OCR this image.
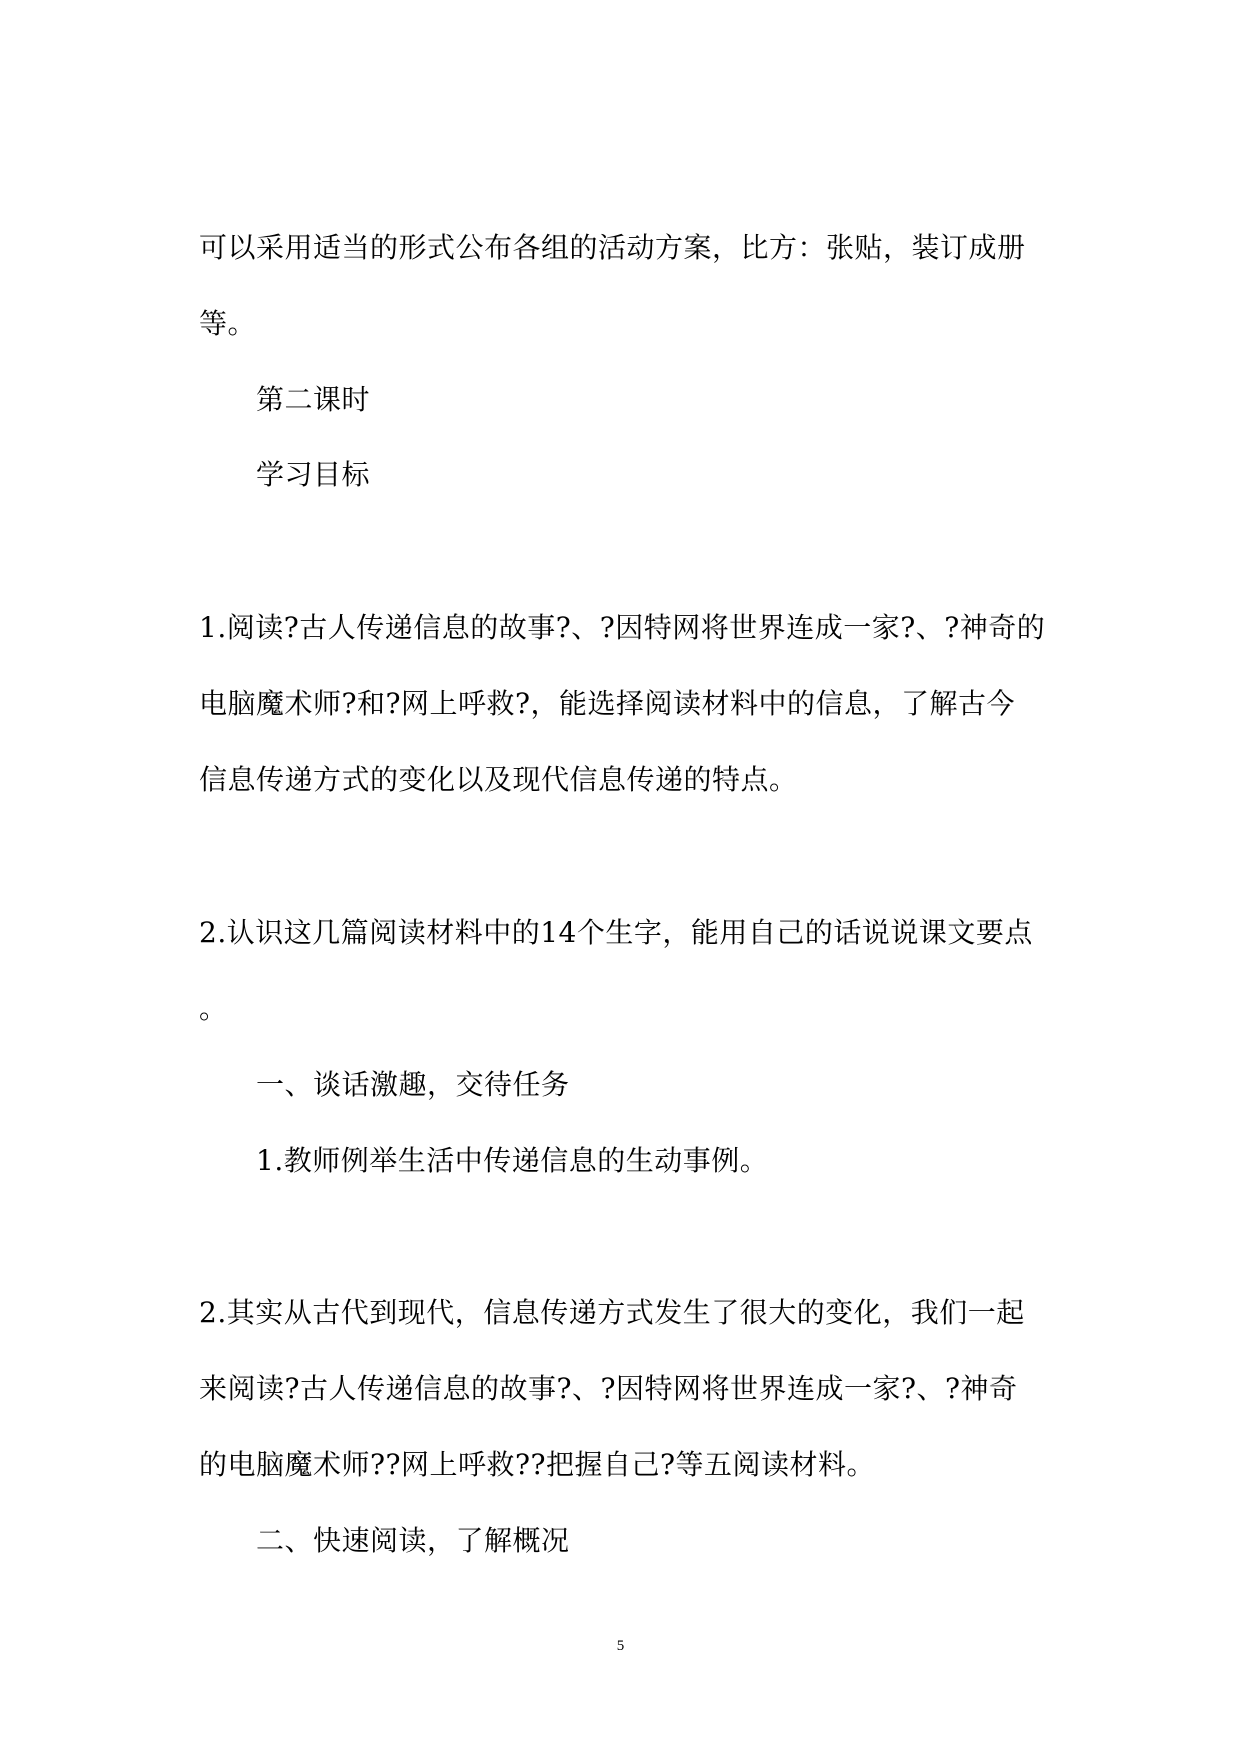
可以采用适当的形式公布各组的活动方案，比方：张贴，装订成册

等。

第二课时

学习目标

1.阅读?古人传递信息的故事?、?因特网将世界连成一家?、?神奇的

电脑魔术师?和?网上呼救?，能选择阅读材料中的信息，了解古今

信息传递方式的变化以及现代信息传递的特点。

2.认识这几篇阅读材料中的14个生字，能用自己的话说说课文要点

。

一、谈话激趣，交待任务

1.教师例举生活中传递信息的生动事例。

2.其实从古代到现代，信息传递方式发生了很大的变化，我们一起

来阅读?古人传递信息的故事?、?因特网将世界连成一家?、?神奇

的电脑魔术师??网上呼救??把握自己?等五阅读材料。

二、快速阅读，了解概况

5
